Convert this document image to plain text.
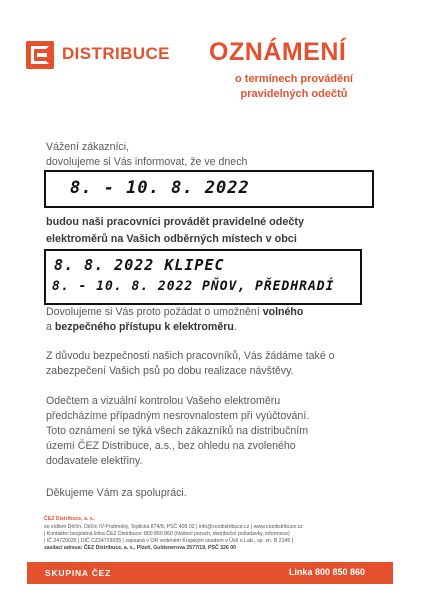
DISTRIBUCE OZNÁMENÍ
o termínech provádění
pravidelných odečtů
Vážení zákazníci,
dovolujeme si Vás informovat, že ve dnech
8. - 10. 8. 2022
budou naši pracovníci provádět pravidelné odečty
elektroměrů na Vašich odběrných místech v obci
8. 8. 2022 KLIPEC
8. - 10. 8. 2022 PŇOV, PŘEDHRADÍ
Dovolujeme si Vás proto požádat o umožnění volného
a bezpečného přístupu k elektroměru.
Z důvodu bezpečnosti našich pracovníků, Vás žádáme také o
zabezpečení Vašich psů po dobu realizace návštěvy.
Odečtem a vizuální kontrolou Vašeho elektroměru
předcházíme případným nesrovnalostem při vyúčtování.
Toto oznámení se týká všech zákazníků na distribučním
území ČEZ Distribuce, a.s., bez ohledu na zvoleného
dodavatele elektřiny.
Děkujeme Vám za spolupráci.
ČEZ Distribuce, a. s.
se sídlem Děčín, Děčín IV-Podmokly, Teplická 874/8, PSČ 405 02 | info@cezdistribuce.cz | www.cezdistribuce.cz
| Kontaktní bezplatná linka ČEZ Distribuce: 800 850 860 (hlášení poruch, distribuční požadavky, informace)
| IČ 24729035 | DIČ CZ24729035 | zapsaná v OR vedeném Krajským soudem v Ústí n.Lab., sp. zn. B 2145 |
zasílací adresa: ČEZ Distribuce, a. s., Plzeň, Guldenerova 2577/19, PSČ 326 00
SKUPINA ČEZ	Linka 800 850 860
